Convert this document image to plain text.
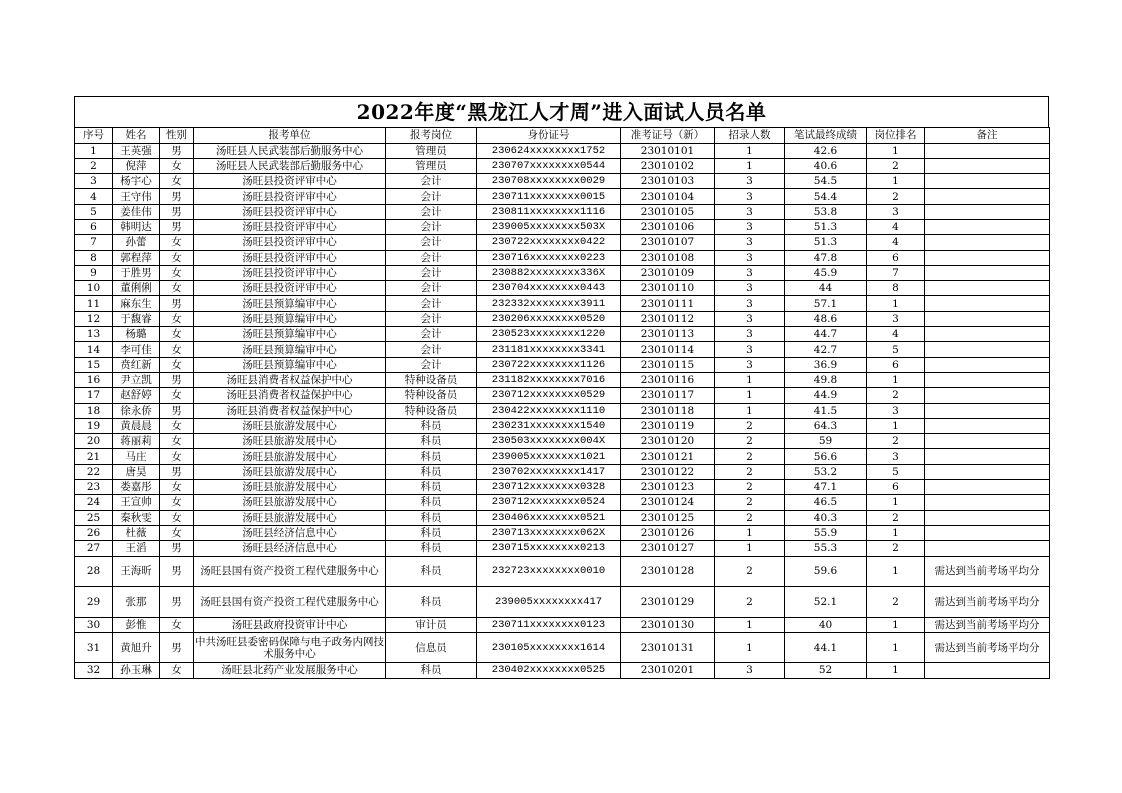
2022年度“黑龙江人才周”进入面试人员名单
序号	姓名	性别	报考单位	报考岗位	身份证号	准考证号（新）	招录人数	笔试最终成绩	岗位排名	备注
1	王英强	男	汤旺县人民武装部后勤服务中心	管理员	230624xxxxxxxx1752	23010101	1	42.6	1	
2	倪萍	女	汤旺县人民武装部后勤服务中心	管理员	230707xxxxxxxx0544	23010102	1	40.6	2	
3	杨宇心	女	汤旺县投资评审中心	会计	230708xxxxxxxx0029	23010103	3	54.5	1	
4	王守伟	男	汤旺县投资评审中心	会计	230711xxxxxxxx0015	23010104	3	54.4	2	
5	姜佳伟	男	汤旺县投资评审中心	会计	230811xxxxxxxx1116	23010105	3	53.8	3	
6	韩明达	男	汤旺县投资评审中心	会计	239005xxxxxxxx503X	23010106	3	51.3	4	
7	孙蕾	女	汤旺县投资评审中心	会计	230722xxxxxxxx0422	23010107	3	51.3	4	
8	郭程萍	女	汤旺县投资评审中心	会计	230716xxxxxxxx0223	23010108	3	47.8	6	
9	于胜男	女	汤旺县投资评审中心	会计	230882xxxxxxxx336X	23010109	3	45.9	7	
10	董俐俐	女	汤旺县投资评审中心	会计	230704xxxxxxxx0443	23010110	3	44	8	
11	麻东生	男	汤旺县预算编审中心	会计	232332xxxxxxxx3911	23010111	3	57.1	1	
12	于馥睿	女	汤旺县预算编审中心	会计	230206xxxxxxxx0520	23010112	3	48.6	3	
13	杨璐	女	汤旺县预算编审中心	会计	230523xxxxxxxx1220	23010113	3	44.7	4	
14	李可佳	女	汤旺县预算编审中心	会计	231181xxxxxxxx3341	23010114	3	42.7	5	
15	贲红新	女	汤旺县预算编审中心	会计	230722xxxxxxxx1126	23010115	3	36.9	6	
16	尹立凯	男	汤旺县消费者权益保护中心	特种设备员	231182xxxxxxxx7016	23010116	1	49.8	1	
17	赵舒婷	女	汤旺县消费者权益保护中心	特种设备员	230712xxxxxxxx0529	23010117	1	44.9	2	
18	徐永侨	男	汤旺县消费者权益保护中心	特种设备员	230422xxxxxxxx1110	23010118	1	41.5	3	
19	黄晨晨	女	汤旺县旅游发展中心	科员	230231xxxxxxxx1540	23010119	2	64.3	1	
20	蒋丽莉	女	汤旺县旅游发展中心	科员	230503xxxxxxxx004X	23010120	2	59	2	
21	马庄	女	汤旺县旅游发展中心	科员	239005xxxxxxxx1021	23010121	2	56.6	3	
22	唐昊	男	汤旺县旅游发展中心	科员	230702xxxxxxxx1417	23010122	2	53.2	5	
23	娄嘉彤	女	汤旺县旅游发展中心	科员	230712xxxxxxxx0328	23010123	2	47.1	6	
24	王宣帅	女	汤旺县旅游发展中心	科员	230712xxxxxxxx0524	23010124	2	46.5	1	
25	秦秋雯	女	汤旺县旅游发展中心	科员	230406xxxxxxxx0521	23010125	2	40.3	2	
26	杜薇	女	汤旺县经济信息中心	科员	230713xxxxxxxx062X	23010126	1	55.9	1	
27	王滔	男	汤旺县经济信息中心	科员	230715xxxxxxxx0213	23010127	1	55.3	2	
28	王海昕	男	汤旺县国有资产投资工程代建服务中心	科员	232723xxxxxxxx0010	23010128	2	59.6	1	需达到当前考场平均分
29	张那	男	汤旺县国有资产投资工程代建服务中心	科员	239005xxxxxxxx417	23010129	2	52.1	2	需达到当前考场平均分
30	彭惟	女	汤旺县政府投资审计中心	审计员	230711xxxxxxxx0123	23010130	1	40	1	需达到当前考场平均分
31	黄旭升	男	中共汤旺县委密码保障与电子政务内网技术服务中心	信息员	230105xxxxxxxx1614	23010131	1	44.1	1	需达到当前考场平均分
32	孙玉琳	女	汤旺县北药产业发展服务中心	科员	230402xxxxxxxx0525	23010201	3	52	1	
